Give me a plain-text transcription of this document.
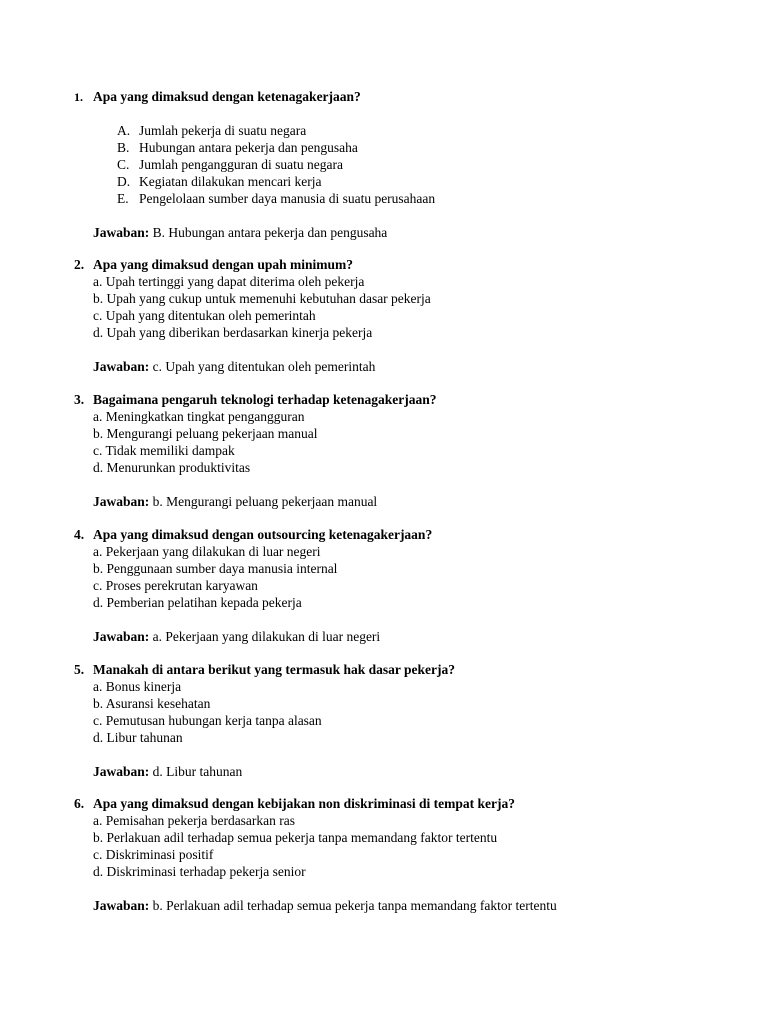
1. Apa yang dimaksud dengan ketenagakerjaan?
A. Jumlah pekerja di suatu negara
B. Hubungan antara pekerja dan pengusaha
C. Jumlah pengangguran di suatu negara
D. Kegiatan dilakukan mencari kerja
E. Pengelolaan sumber daya manusia di suatu perusahaan
Jawaban: B. Hubungan antara pekerja dan pengusaha
2. Apa yang dimaksud dengan upah minimum?
a. Upah tertinggi yang dapat diterima oleh pekerja
b. Upah yang cukup untuk memenuhi kebutuhan dasar pekerja
c. Upah yang ditentukan oleh pemerintah
d. Upah yang diberikan berdasarkan kinerja pekerja
Jawaban: c. Upah yang ditentukan oleh pemerintah
3. Bagaimana pengaruh teknologi terhadap ketenagakerjaan?
a. Meningkatkan tingkat pengangguran
b. Mengurangi peluang pekerjaan manual
c. Tidak memiliki dampak
d. Menurunkan produktivitas
Jawaban: b. Mengurangi peluang pekerjaan manual
4. Apa yang dimaksud dengan outsourcing ketenagakerjaan?
a. Pekerjaan yang dilakukan di luar negeri
b. Penggunaan sumber daya manusia internal
c. Proses perekrutan karyawan
d. Pemberian pelatihan kepada pekerja
Jawaban: a. Pekerjaan yang dilakukan di luar negeri
5. Manakah di antara berikut yang termasuk hak dasar pekerja?
a. Bonus kinerja
b. Asuransi kesehatan
c. Pemutusan hubungan kerja tanpa alasan
d. Libur tahunan
Jawaban: d. Libur tahunan
6. Apa yang dimaksud dengan kebijakan non diskriminasi di tempat kerja?
a. Pemisahan pekerja berdasarkan ras
b. Perlakuan adil terhadap semua pekerja tanpa memandang faktor tertentu
c. Diskriminasi positif
d. Diskriminasi terhadap pekerja senior
Jawaban: b. Perlakuan adil terhadap semua pekerja tanpa memandang faktor tertentu
